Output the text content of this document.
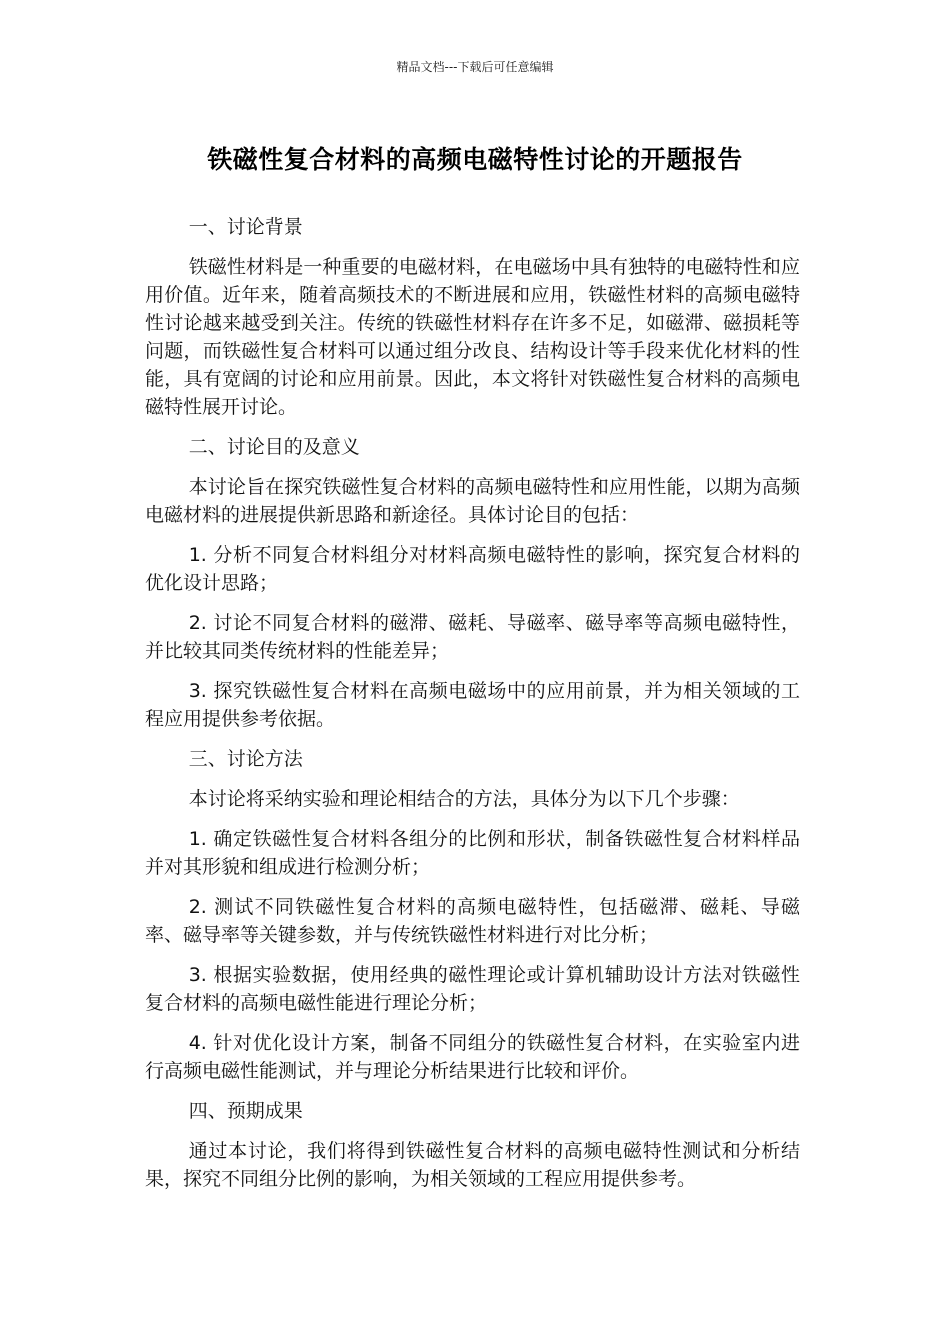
精品文档---下载后可任意编辑
铁磁性复合材料的高频电磁特性讨论的开题报告

一、讨论背景

铁磁性材料是一种重要的电磁材料，在电磁场中具有独特的电磁特性和应用价值。近年来，随着高频技术的不断进展和应用，铁磁性材料的高频电磁特性讨论越来越受到关注。传统的铁磁性材料存在许多不足，如磁滞、磁损耗等问题，而铁磁性复合材料可以通过组分改良、结构设计等手段来优化材料的性能，具有宽阔的讨论和应用前景。因此，本文将针对铁磁性复合材料的高频电磁特性展开讨论。

二、讨论目的及意义

本讨论旨在探究铁磁性复合材料的高频电磁特性和应用性能，以期为高频电磁材料的进展提供新思路和新途径。具体讨论目的包括：

1. 分析不同复合材料组分对材料高频电磁特性的影响，探究复合材料的优化设计思路；

2. 讨论不同复合材料的磁滞、磁耗、导磁率、磁导率等高频电磁特性，并比较其同类传统材料的性能差异；

3. 探究铁磁性复合材料在高频电磁场中的应用前景，并为相关领域的工程应用提供参考依据。

三、讨论方法

本讨论将采纳实验和理论相结合的方法，具体分为以下几个步骤：

1. 确定铁磁性复合材料各组分的比例和形状，制备铁磁性复合材料样品并对其形貌和组成进行检测分析；

2. 测试不同铁磁性复合材料的高频电磁特性，包括磁滞、磁耗、导磁率、磁导率等关键参数，并与传统铁磁性材料进行对比分析；

3. 根据实验数据，使用经典的磁性理论或计算机辅助设计方法对铁磁性复合材料的高频电磁性能进行理论分析；

4. 针对优化设计方案，制备不同组分的铁磁性复合材料，在实验室内进行高频电磁性能测试，并与理论分析结果进行比较和评价。

四、预期成果

通过本讨论，我们将得到铁磁性复合材料的高频电磁特性测试和分析结果，探究不同组分比例的影响，为相关领域的工程应用提供参考。
